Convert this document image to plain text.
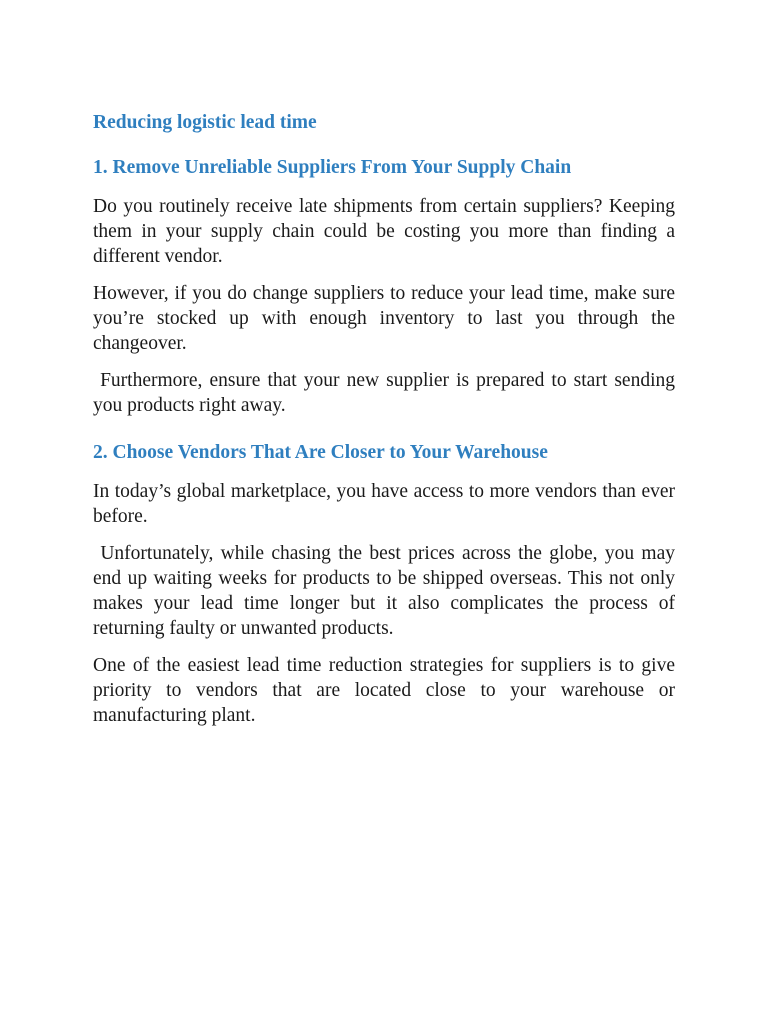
Reducing logistic lead time
1. Remove Unreliable Suppliers From Your Supply Chain

Do you routinely receive late shipments from certain suppliers? Keeping them in your supply chain could be costing you more than finding a different vendor.

However, if you do change suppliers to reduce your lead time, make sure you’re stocked up with enough inventory to last you through the changeover.

Furthermore, ensure that your new supplier is prepared to start sending you products right away.

2. Choose Vendors That Are Closer to Your Warehouse

In today’s global marketplace, you have access to more vendors than ever before.

Unfortunately, while chasing the best prices across the globe, you may end up waiting weeks for products to be shipped overseas. This not only makes your lead time longer but it also complicates the process of returning faulty or unwanted products.

One of the easiest lead time reduction strategies for suppliers is to give priority to vendors that are located close to your warehouse or manufacturing plant.
